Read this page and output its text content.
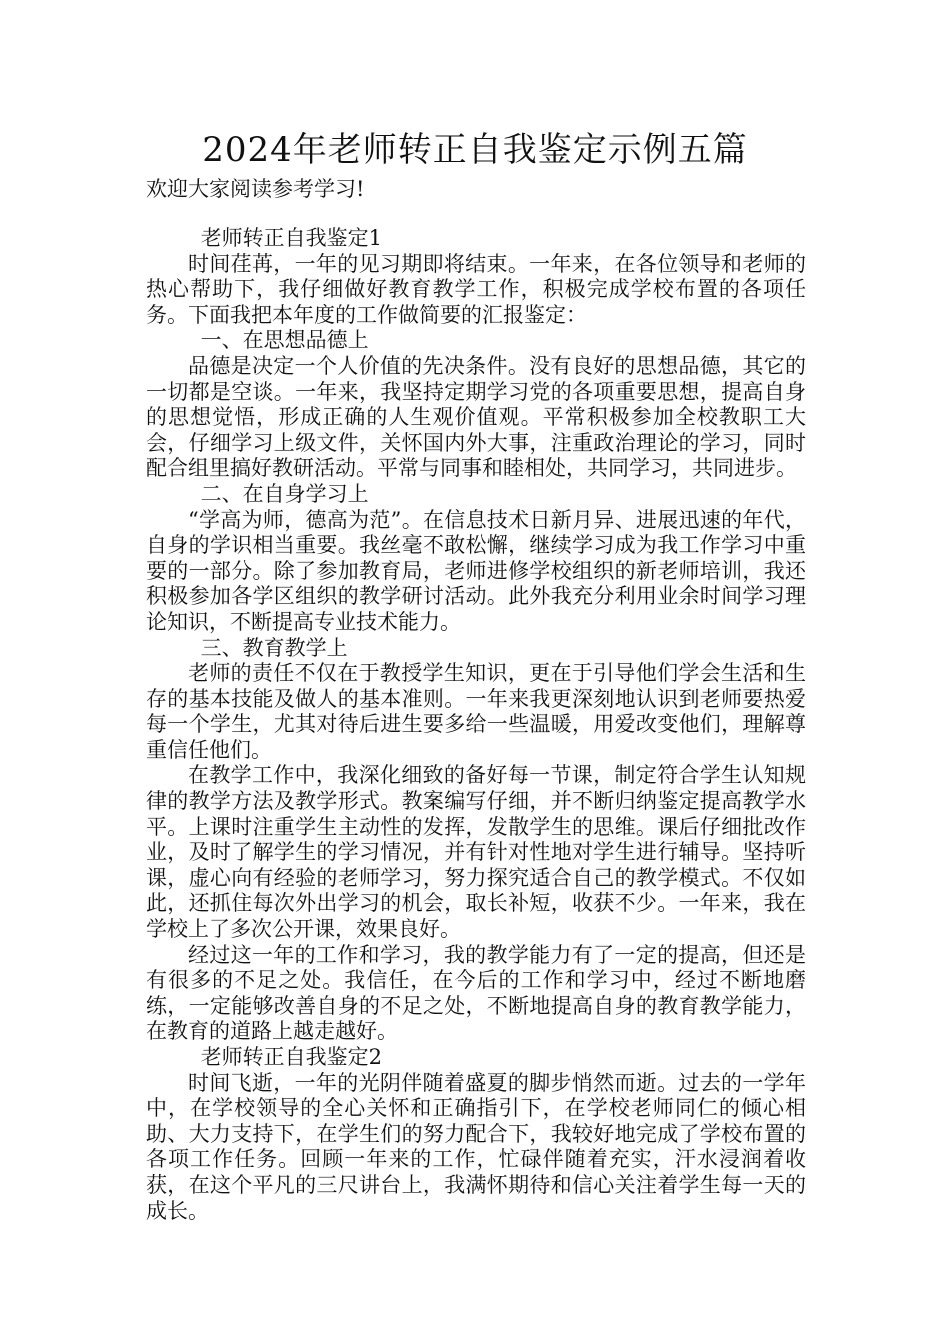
2024年老师转正自我鉴定示例五篇

欢迎大家阅读参考学习!

老师转正自我鉴定1

时间荏苒，一年的见习期即将结束。一年来，在各位领导和老师的热心帮助下，我仔细做好教育教学工作，积极完成学校布置的各项任务。下面我把本年度的工作做简要的汇报鉴定：

一、在思想品德上

品德是决定一个人价值的先决条件。没有良好的思想品德，其它的一切都是空谈。一年来，我坚持定期学习党的各项重要思想，提高自身的思想觉悟，形成正确的人生观价值观。平常积极参加全校教职工大会，仔细学习上级文件，关怀国内外大事，注重政治理论的学习，同时配合组里搞好教研活动。平常与同事和睦相处，共同学习，共同进步。

二、在自身学习上

“学高为师，德高为范”。在信息技术日新月异、进展迅速的年代，自身的学识相当重要。我丝毫不敢松懈，继续学习成为我工作学习中重要的一部分。除了参加教育局，老师进修学校组织的新老师培训，我还积极参加各学区组织的教学研讨活动。此外我充分利用业余时间学习理论知识，不断提高专业技术能力。

三、教育教学上

老师的责任不仅在于教授学生知识，更在于引导他们学会生活和生存的基本技能及做人的基本准则。一年来我更深刻地认识到老师要热爱每一个学生，尤其对待后进生要多给一些温暖，用爱改变他们，理解尊重信任他们。

在教学工作中，我深化细致的备好每一节课，制定符合学生认知规律的教学方法及教学形式。教案编写仔细，并不断归纳鉴定提高教学水平。上课时注重学生主动性的发挥，发散学生的思维。课后仔细批改作业，及时了解学生的学习情况，并有针对性地对学生进行辅导。坚持听课，虚心向有经验的老师学习，努力探究适合自己的教学模式。不仅如此，还抓住每次外出学习的机会，取长补短，收获不少。一年来，我在学校上了多次公开课，效果良好。

经过这一年的工作和学习，我的教学能力有了一定的提高，但还是有很多的不足之处。我信任，在今后的工作和学习中，经过不断地磨练，一定能够改善自身的不足之处，不断地提高自身的教育教学能力，在教育的道路上越走越好。

老师转正自我鉴定2

时间飞逝，一年的光阴伴随着盛夏的脚步悄然而逝。过去的一学年中，在学校领导的全心关怀和正确指引下，在学校老师同仁的倾心相助、大力支持下，在学生们的努力配合下，我较好地完成了学校布置的各项工作任务。回顾一年来的工作，忙碌伴随着充实，汗水浸润着收获，在这个平凡的三尺讲台上，我满怀期待和信心关注着学生每一天的成长。
